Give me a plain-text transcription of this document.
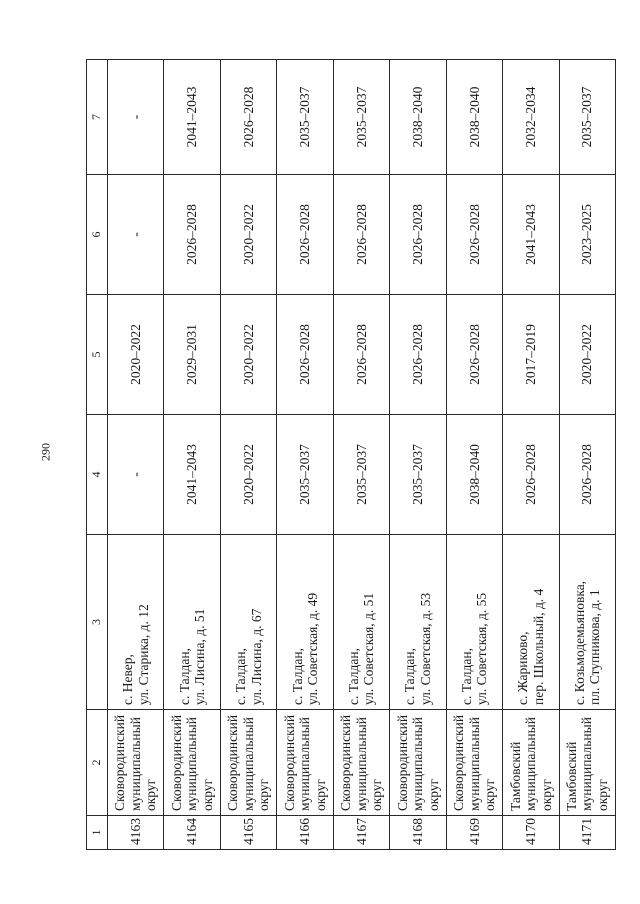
290
1	2	3	4	5	6	7
4163	Сковородинский муниципальный округ	с. Невер, ул. Старика, д. 12	-	2020–2022	-	-
4164	Сковородинский муниципальный округ	с. Талдан, ул. Лисина, д. 51	2041–2043	2029–2031	2026–2028	2041–2043
4165	Сковородинский муниципальный округ	с. Талдан, ул. Лисина, д. 67	2020–2022	2020–2022	2020–2022	2026–2028
4166	Сковородинский муниципальный округ	с. Талдан, ул. Советская, д. 49	2035–2037	2026–2028	2026–2028	2035–2037
4167	Сковородинский муниципальный округ	с. Талдан, ул. Советская, д. 51	2035–2037	2026–2028	2026–2028	2035–2037
4168	Сковородинский муниципальный округ	с. Талдан, ул. Советская, д. 53	2035–2037	2026–2028	2026–2028	2038–2040
4169	Сковородинский муниципальный округ	с. Талдан, ул. Советская, д. 55	2038–2040	2026–2028	2026–2028	2038–2040
4170	Тамбовский муниципальный округ	с. Жариково, пер. Школьный, д. 4	2026–2028	2017–2019	2041–2043	2032–2034
4171	Тамбовский муниципальный округ	с. Козьмодемьяновка, пл. Ступникова, д. 1	2026–2028	2020–2022	2023–2025	2035–2037
